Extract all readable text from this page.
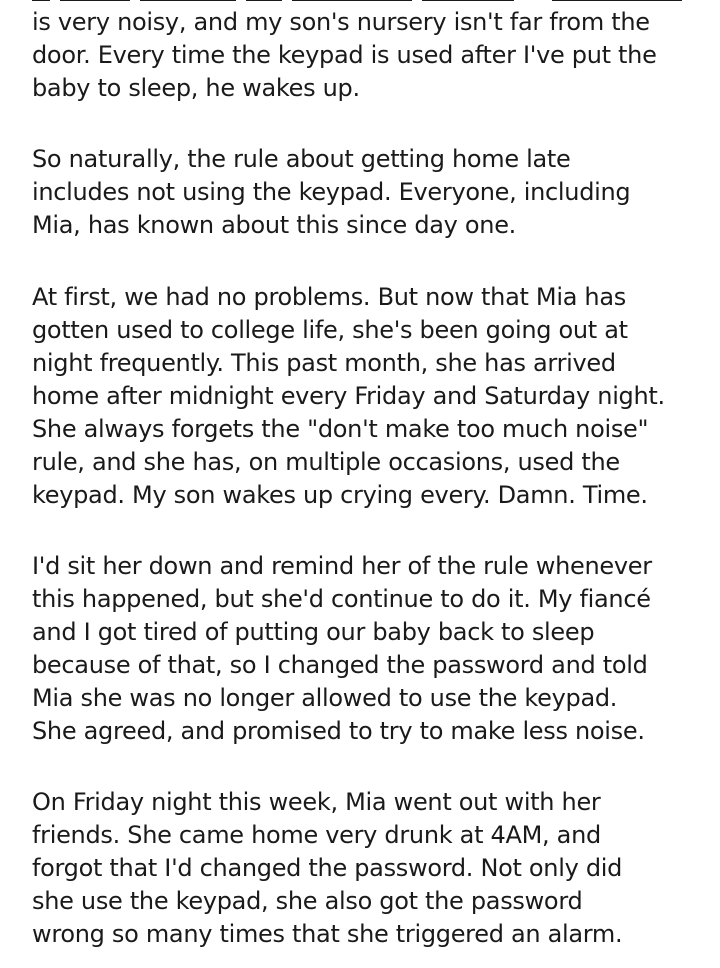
is very noisy, and my son's nursery isn't far from the
door. Every time the keypad is used after I've put the
baby to sleep, he wakes up.
So naturally, the rule about getting home late
includes not using the keypad. Everyone, including
Mia, has known about this since day one.
At first, we had no problems. But now that Mia has
gotten used to college life, she's been going out at
night frequently. This past month, she has arrived
home after midnight every Friday and Saturday night.
She always forgets the "don't make too much noise"
rule, and she has, on multiple occasions, used the
keypad. My son wakes up crying every. Damn. Time.
I'd sit her down and remind her of the rule whenever
this happened, but she'd continue to do it. My fiancé
and I got tired of putting our baby back to sleep
because of that, so I changed the password and told
Mia she was no longer allowed to use the keypad.
She agreed, and promised to try to make less noise.
On Friday night this week, Mia went out with her
friends. She came home very drunk at 4AM, and
forgot that I'd changed the password. Not only did
she use the keypad, she also got the password
wrong so many times that she triggered an alarm.
